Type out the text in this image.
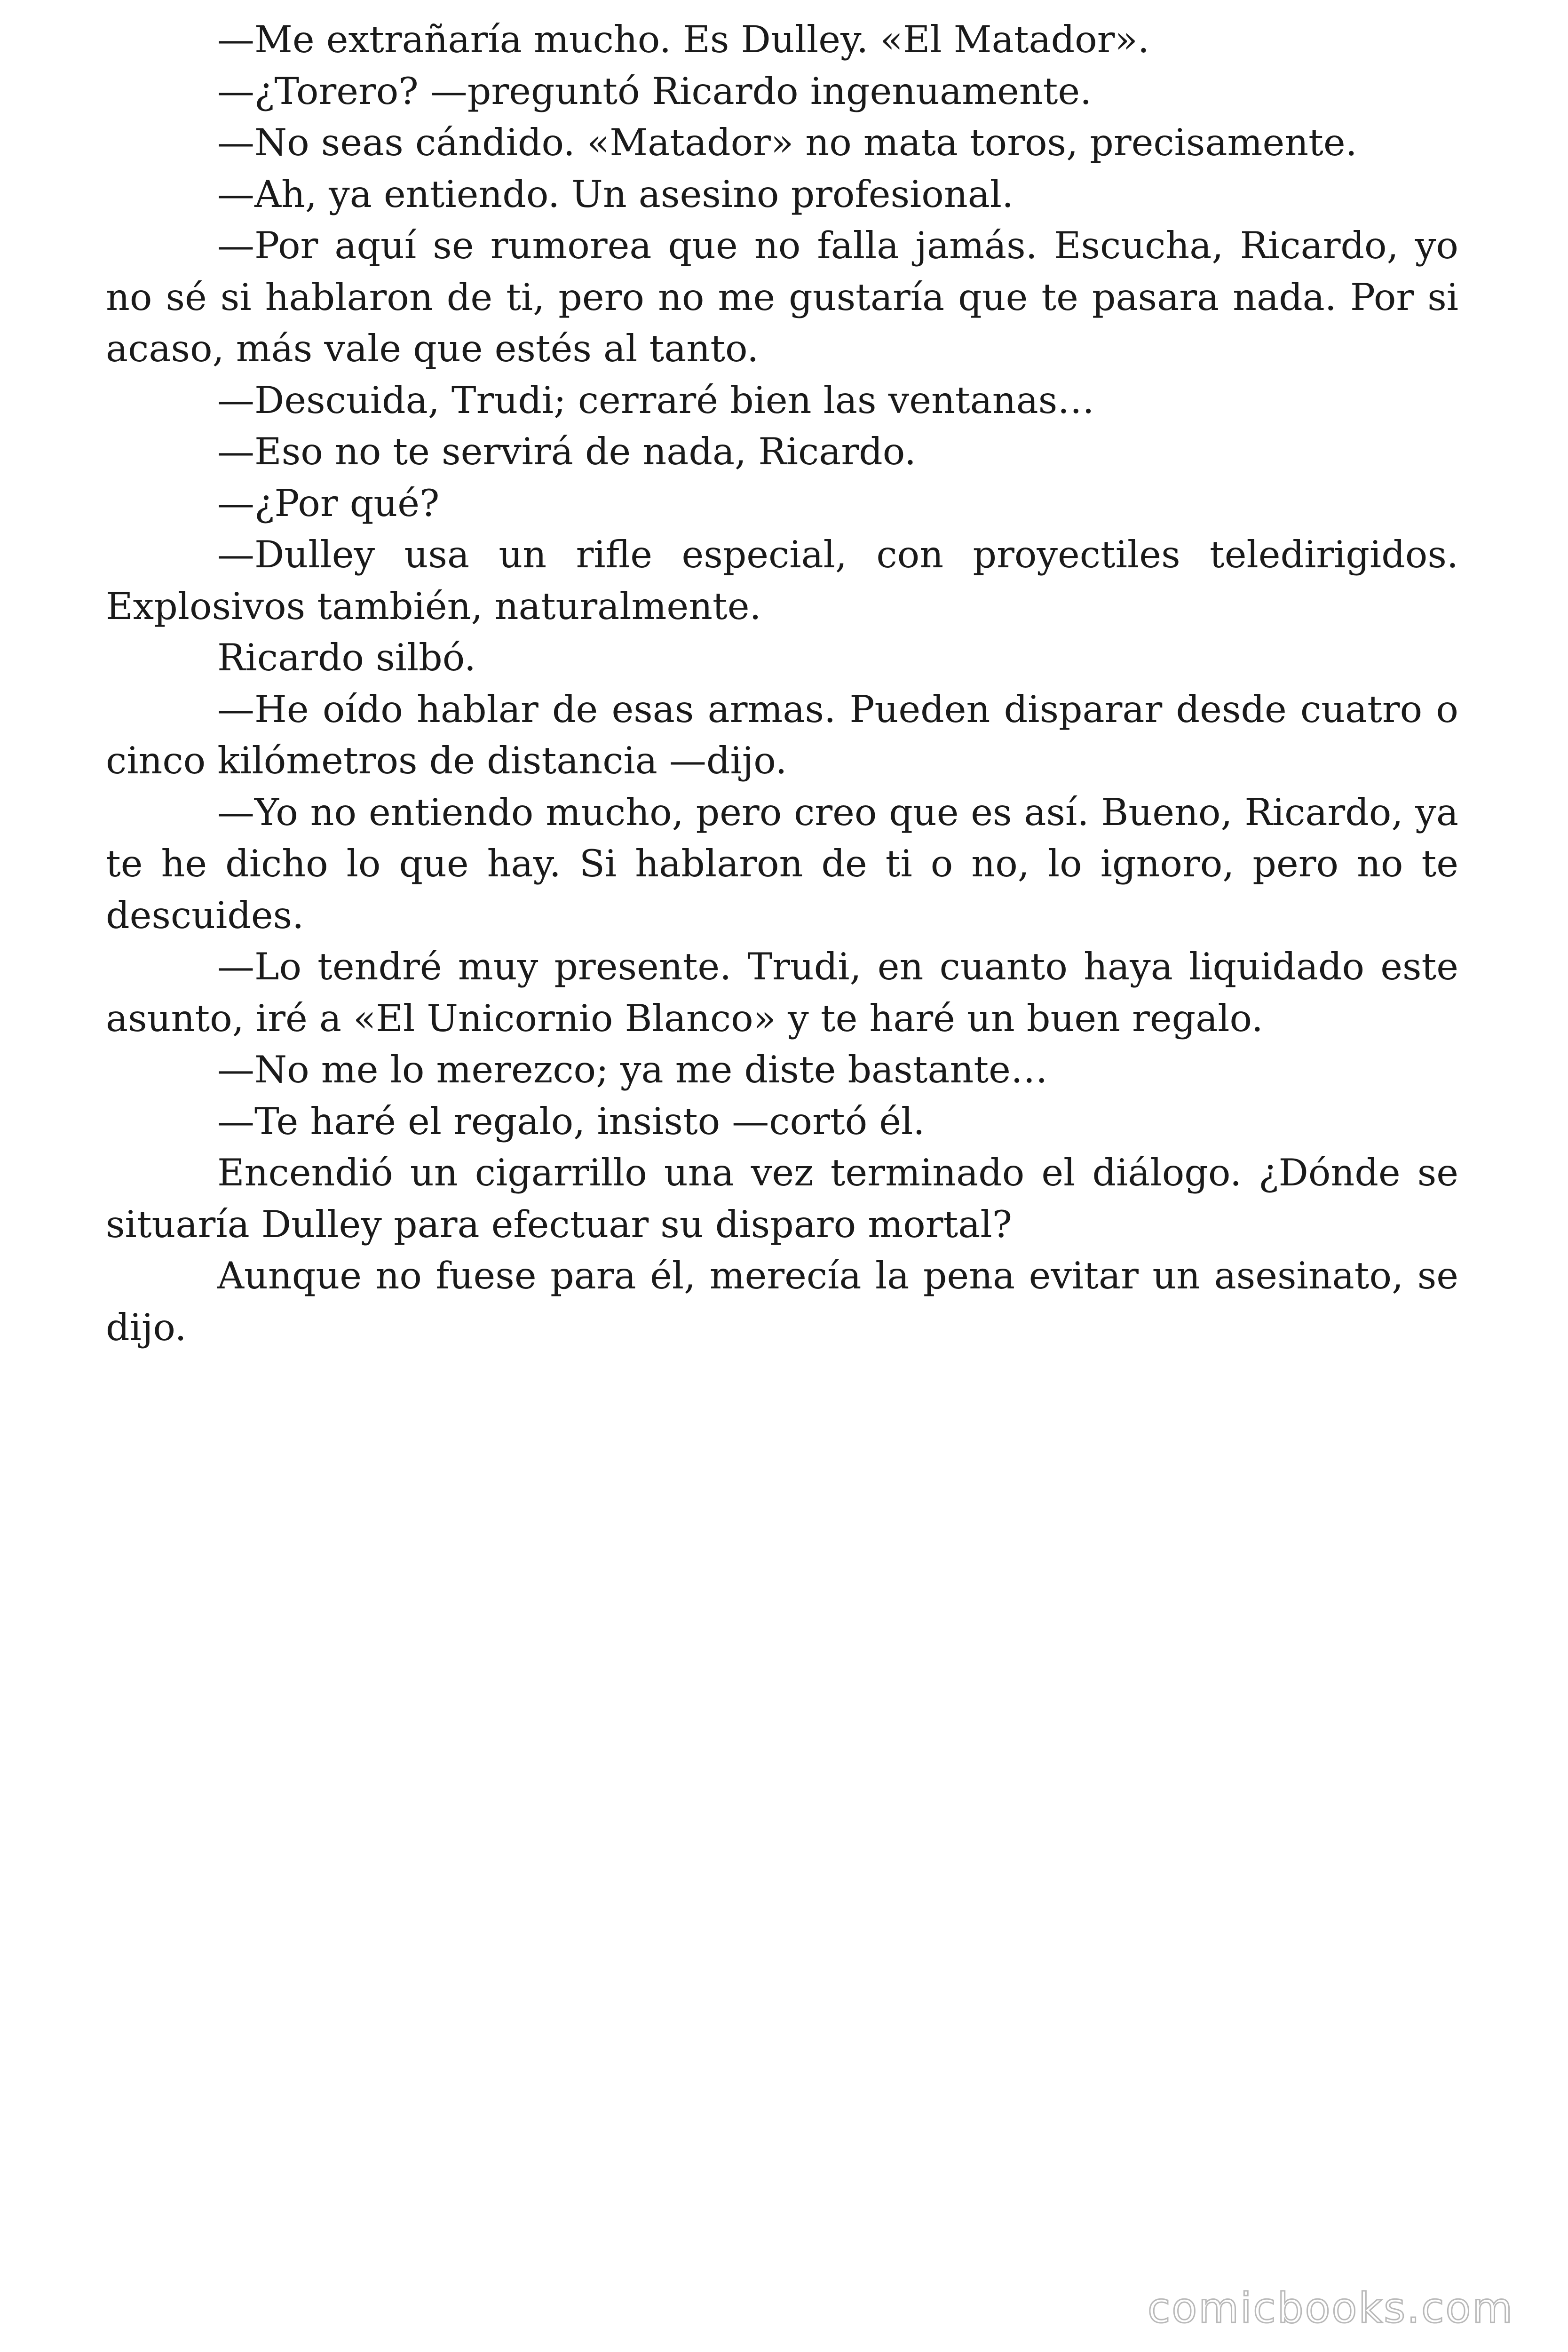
—Me extrañaría mucho. Es Dulley. «El Matador».

—¿Torero? —preguntó Ricardo ingenuamente.

—No seas cándido. «Matador» no mata toros, precisamente.

—Ah, ya entiendo. Un asesino profesional.

—Por aquí se rumorea que no falla jamás. Escucha, Ricardo, yo no sé si hablaron de ti, pero no me gustaría que te pasara nada. Por si acaso, más vale que estés al tanto.

—Descuida, Trudi; cerraré bien las ventanas…

—Eso no te servirá de nada, Ricardo.

—¿Por qué?

—Dulley usa un rifle especial, con proyectiles teledirigidos. Explosivos también, naturalmente.

Ricardo silbó.

—He oído hablar de esas armas. Pueden disparar desde cuatro o cinco kilómetros de distancia —dijo.

—Yo no entiendo mucho, pero creo que es así. Bueno, Ricardo, ya te he dicho lo que hay. Si hablaron de ti o no, lo ignoro, pero no te descuides.

—Lo tendré muy presente. Trudi, en cuanto haya liquidado este asunto, iré a «El Unicornio Blanco» y te haré un buen regalo.

—No me lo merezco; ya me diste bastante…

—Te haré el regalo, insisto —cortó él.

Encendió un cigarrillo una vez terminado el diálogo. ¿Dónde se situaría Dulley para efectuar su disparo mortal?

Aunque no fuese para él, merecía la pena evitar un asesinato, se dijo.

comicbooks.com
